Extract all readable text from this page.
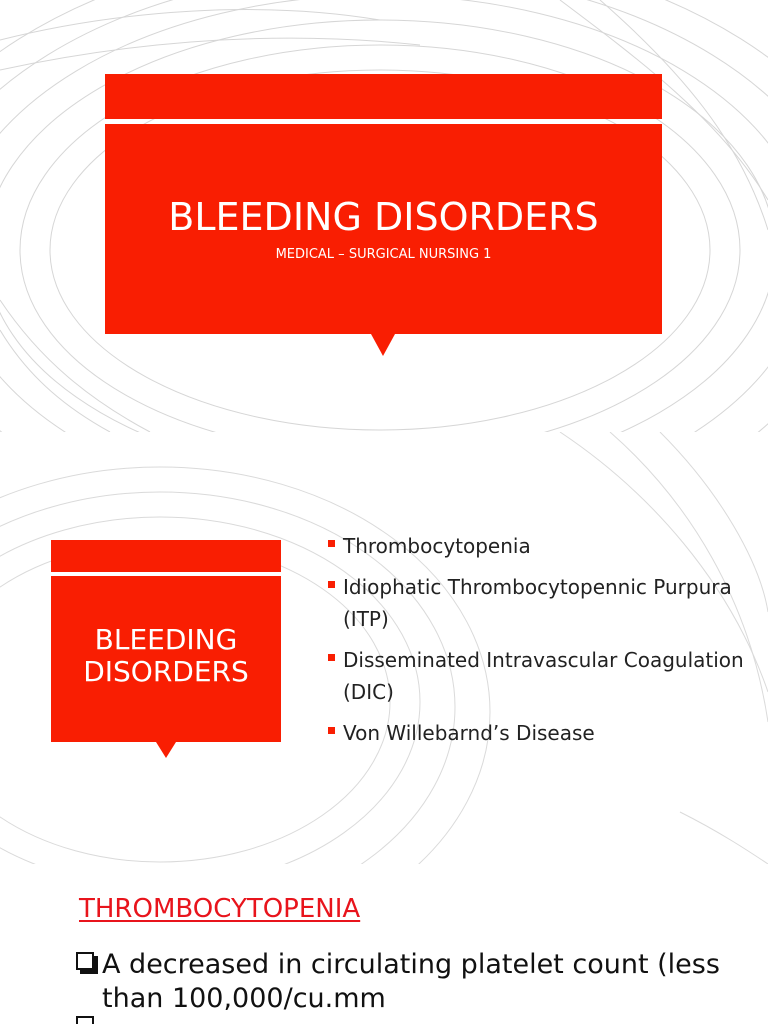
BLEEDING DISORDERS
MEDICAL – SURGICAL NURSING 1
BLEEDING DISORDERS
Thrombocytopenia
Idiophatic Thrombocytopennic Purpura (ITP)
Disseminated Intravascular Coagulation (DIC)
Von Willebarnd’s Disease
THROMBOCYTOPENIA
A decreased in circulating platelet count (less than 100,000/cu.mm
